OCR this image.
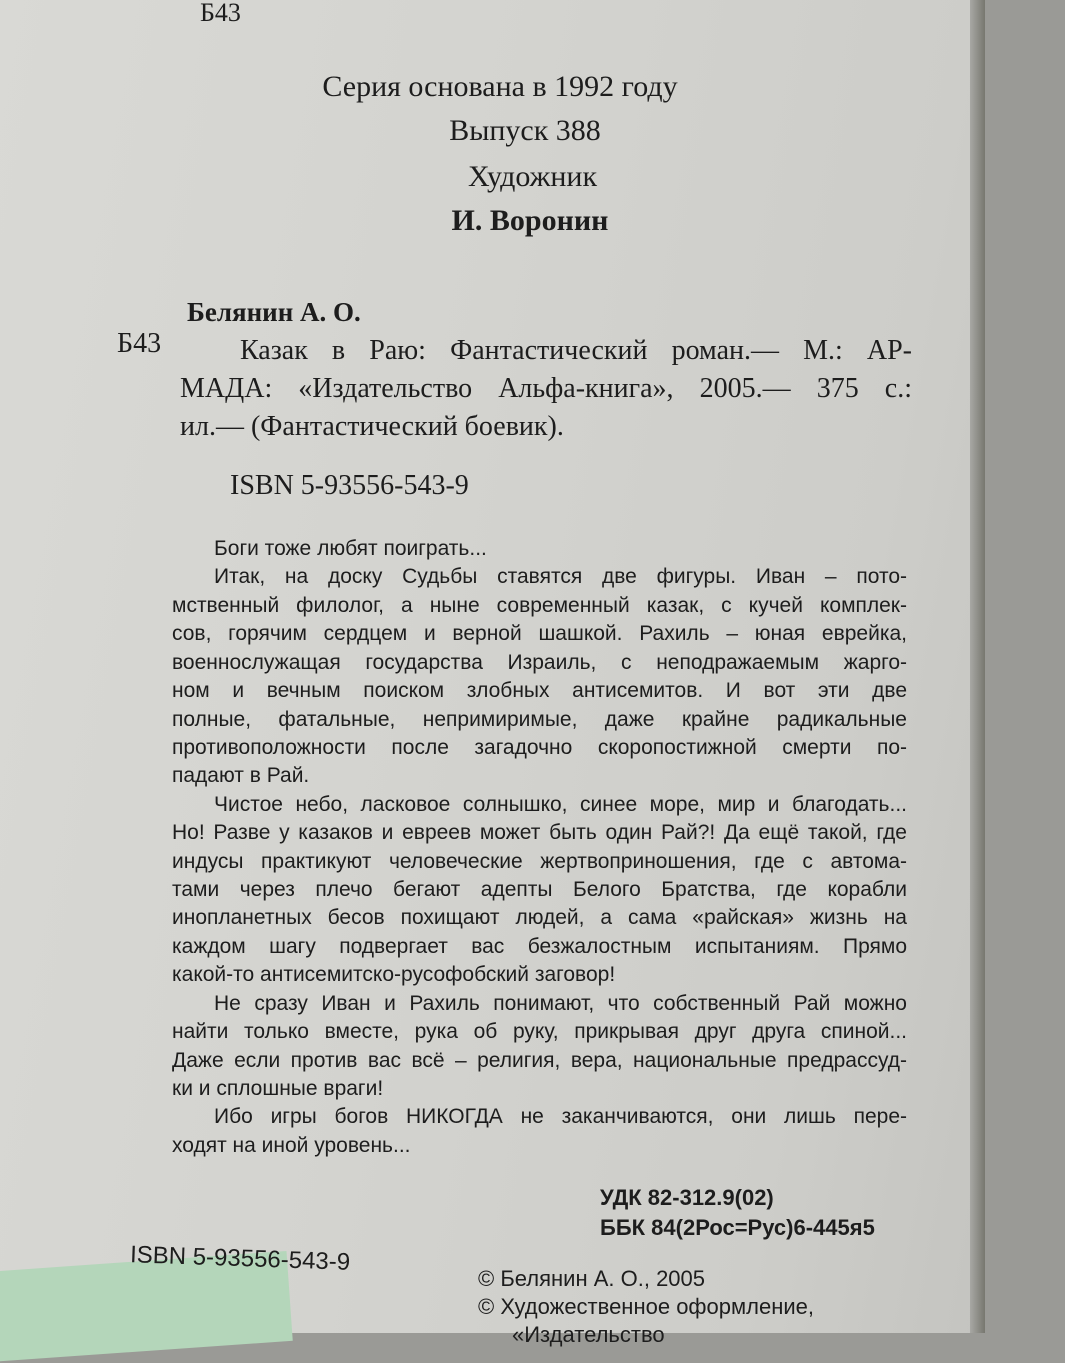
Б43
Серия основана в 1992 году
Выпуск 388
Художник
И. Воронин
Белянин А. О.
Б43	Казак в Раю: Фантастический роман.— М.: АР-
МАДА: «Издательство Альфа-книга», 2005.— 375 с.:
ил.— (Фантастический боевик).
ISBN 5-93556-543-9
Боги тоже любят поиграть...
Итак, на доску Судьбы ставятся две фигуры. Иван – пото-
мственный филолог, а ныне современный казак, с кучей комплек-
сов, горячим сердцем и верной шашкой. Рахиль – юная еврейка,
военнослужащая государства Израиль, с неподражаемым жарго-
ном и вечным поиском злобных антисемитов. И вот эти две
полные, фатальные, непримиримые, даже крайне радикальные
противоположности после загадочно скоропостижной смерти по-
падают в Рай.
Чистое небо, ласковое солнышко, синее море, мир и благодать...
Но! Разве у казаков и евреев может быть один Рай?! Да ещё такой, где
индусы практикуют человеческие жертвоприношения, где с автома-
тами через плечо бегают адепты Белого Братства, где корабли
инопланетных бесов похищают людей, а сама «райская» жизнь на
каждом шагу подвергает вас безжалостным испытаниям. Прямо
какой-то антисемитско-русофобский заговор!
Не сразу Иван и Рахиль понимают, что собственный Рай можно
найти только вместе, рука об руку, прикрывая друг друга спиной...
Даже если против вас всё – религия, вера, национальные предрассуд-
ки и сплошные враги!
Ибо игры богов НИКОГДА не заканчиваются, они лишь пере-
ходят на иной уровень...
УДК 82-312.9(02)
ББК 84(2Рос=Рус)6-445я5
ISBN 5-93556-543-9
© Белянин А. О., 2005
© Художественное оформление,
«Издательство
